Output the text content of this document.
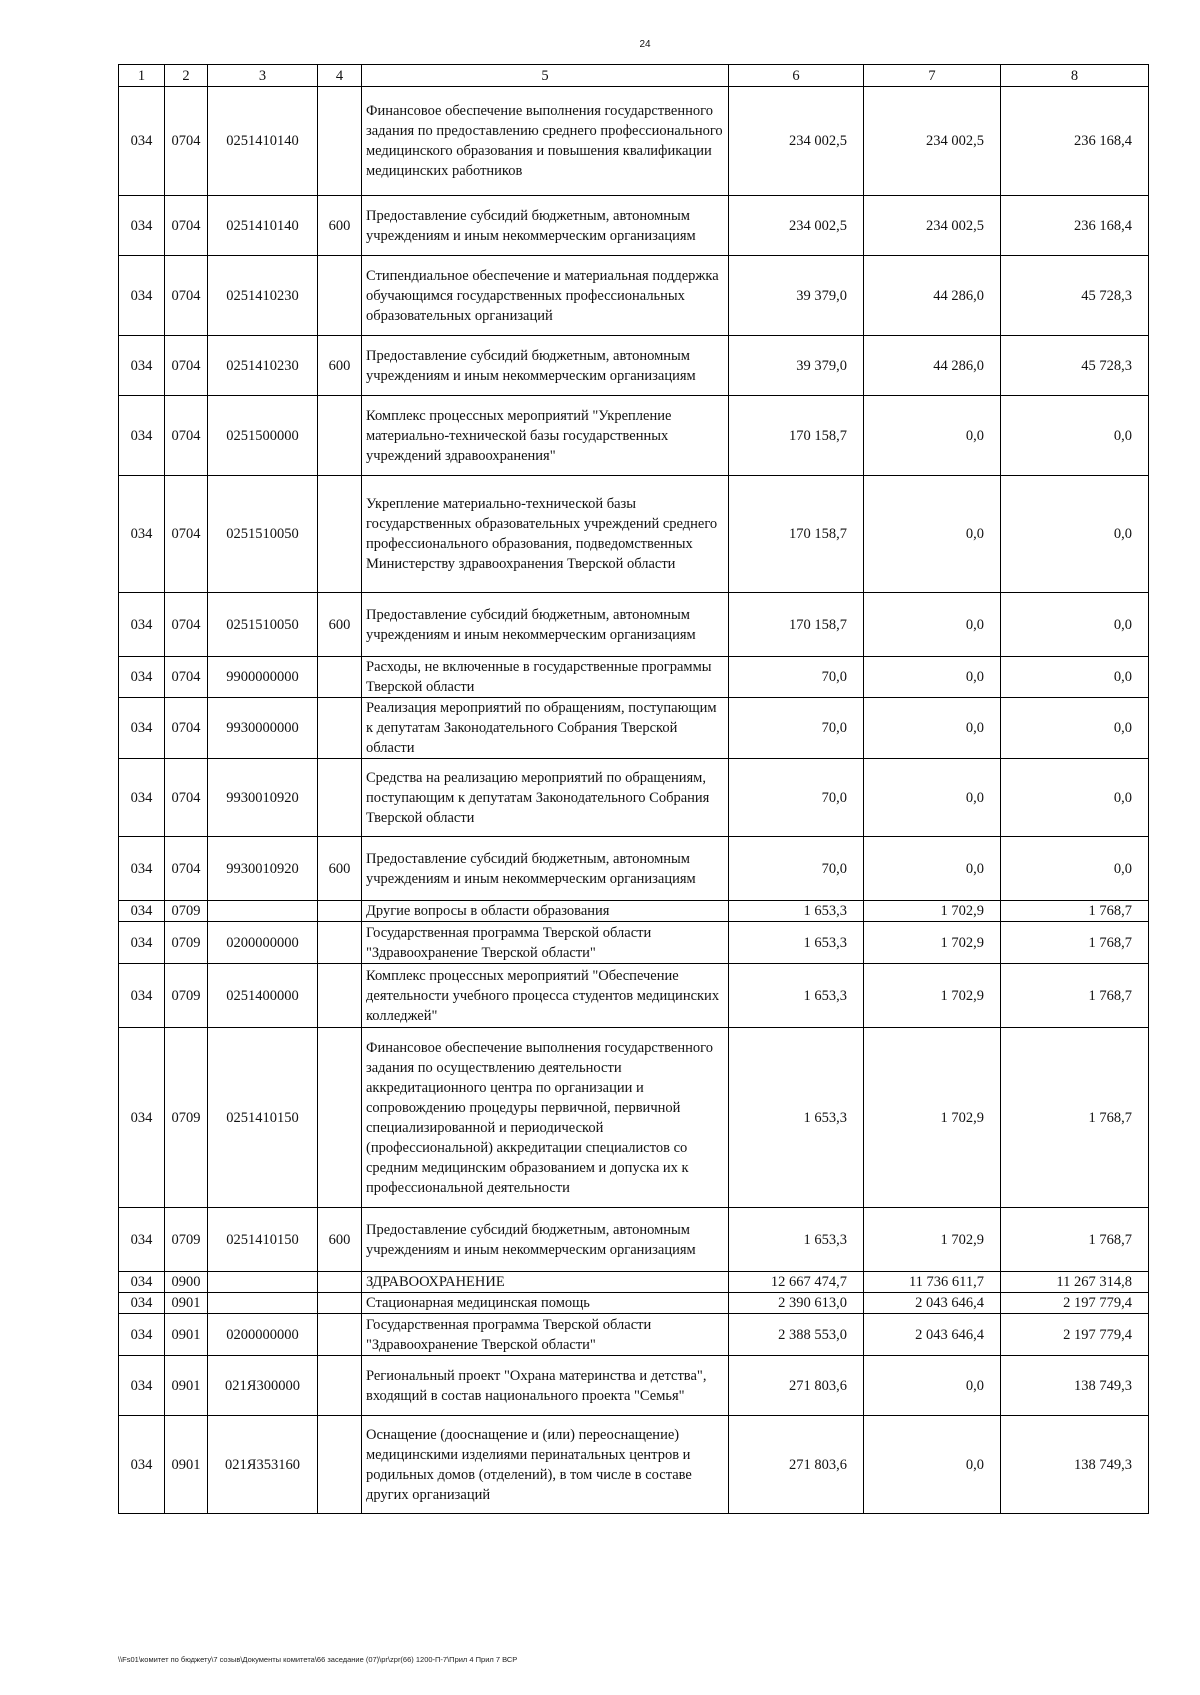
24
1	2	3	4	5	6	7	8
034	0704	0251410140		Финансовое обеспечение выполнения государственного задания по предоставлению среднего профессионального медицинского образования и повышения квалификации медицинских работников	234 002,5	234 002,5	236 168,4
034	0704	0251410140	600	Предоставление субсидий бюджетным, автономным учреждениям и иным некоммерческим организациям	234 002,5	234 002,5	236 168,4
034	0704	0251410230		Стипендиальное обеспечение и материальная поддержка обучающимся государственных профессиональных образовательных организаций	39 379,0	44 286,0	45 728,3
034	0704	0251410230	600	Предоставление субсидий бюджетным, автономным учреждениям и иным некоммерческим организациям	39 379,0	44 286,0	45 728,3
034	0704	0251500000		Комплекс процессных мероприятий "Укрепление материально-технической базы государственных учреждений здравоохранения"	170 158,7	0,0	0,0
034	0704	0251510050		Укрепление материально-технической базы государственных образовательных учреждений среднего профессионального образования, подведомственных Министерству здравоохранения Тверской области	170 158,7	0,0	0,0
034	0704	0251510050	600	Предоставление субсидий бюджетным, автономным учреждениям и иным некоммерческим организациям	170 158,7	0,0	0,0
034	0704	9900000000		Расходы, не включенные в государственные программы Тверской области	70,0	0,0	0,0
034	0704	9930000000		Реализация мероприятий по обращениям, поступающим к депутатам Законодательного Собрания Тверской области	70,0	0,0	0,0
034	0704	9930010920		Средства на реализацию мероприятий по обращениям, поступающим к депутатам Законодательного Собрания Тверской области	70,0	0,0	0,0
034	0704	9930010920	600	Предоставление субсидий бюджетным, автономным учреждениям и иным некоммерческим организациям	70,0	0,0	0,0
034	0709			Другие вопросы в области образования	1 653,3	1 702,9	1 768,7
034	0709	0200000000		Государственная программа Тверской области "Здравоохранение Тверской области"	1 653,3	1 702,9	1 768,7
034	0709	0251400000		Комплекс процессных мероприятий "Обеспечение деятельности учебного процесса студентов медицинских колледжей"	1 653,3	1 702,9	1 768,7
034	0709	0251410150		Финансовое обеспечение выполнения государственного задания по осуществлению деятельности аккредитационного центра по организации и сопровождению процедуры первичной, первичной специализированной и периодической (профессиональной) аккредитации специалистов со средним медицинским образованием и допуска их к профессиональной деятельности	1 653,3	1 702,9	1 768,7
034	0709	0251410150	600	Предоставление субсидий бюджетным, автономным учреждениям и иным некоммерческим организациям	1 653,3	1 702,9	1 768,7
034	0900			ЗДРАВООХРАНЕНИЕ	12 667 474,7	11 736 611,7	11 267 314,8
034	0901			Стационарная медицинская помощь	2 390 613,0	2 043 646,4	2 197 779,4
034	0901	0200000000		Государственная программа Тверской области "Здравоохранение Тверской области"	2 388 553,0	2 043 646,4	2 197 779,4
034	0901	021Я300000		Региональный проект "Охрана материнства и детства", входящий в состав национального проекта "Семья"	271 803,6	0,0	138 749,3
034	0901	021Я353160		Оснащение (дооснащение и (или) переоснащение) медицинскими изделиями перинатальных центров и родильных домов (отделений), в том числе в составе других организаций	271 803,6	0,0	138 749,3
\\Fs01\комитет по бюджету\7 созыв\Документы комитета\66 заседание (07)\pr\zpr(66) 1200-П-7\Прил 4 Прил 7 ВСР
